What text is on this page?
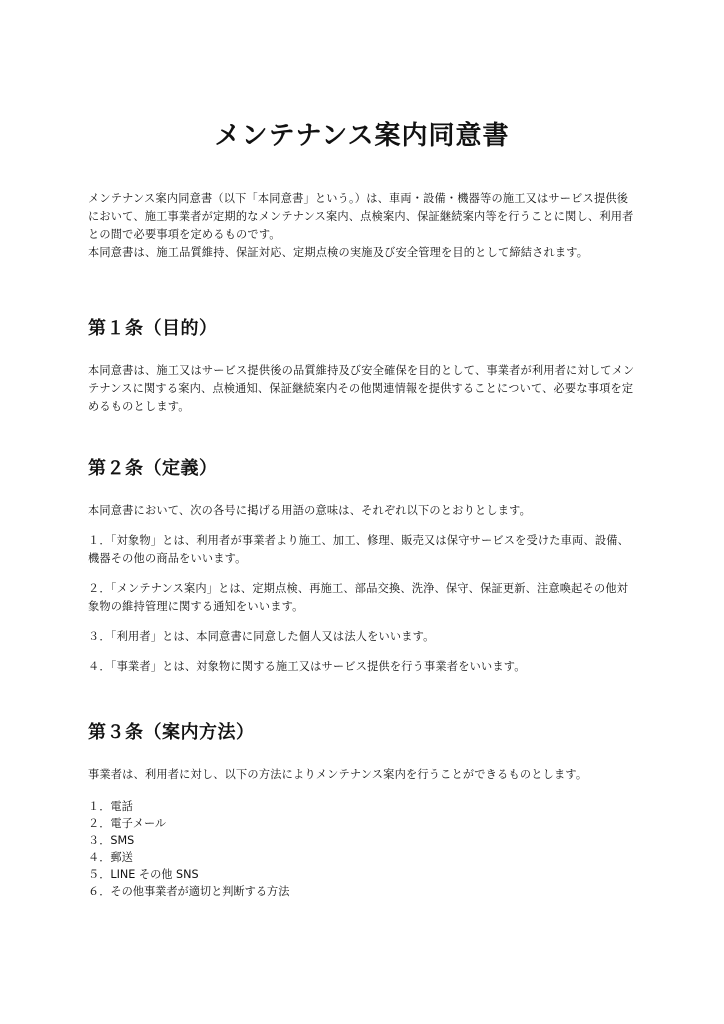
メンテナンス案内同意書

メンテナンス案内同意書（以下「本同意書」という。）は、車両・設備・機器等の施工又はサービス提供後において、施工事業者が定期的なメンテナンス案内、点検案内、保証継続案内等を行うことに関し、利用者との間で必要事項を定めるものです。

本同意書は、施工品質維持、保証対応、定期点検の実施及び安全管理を目的として締結されます。

第１条（目的）

本同意書は、施工又はサービス提供後の品質維持及び安全確保を目的として、事業者が利用者に対してメンテナンスに関する案内、点検通知、保証継続案内その他関連情報を提供することについて、必要な事項を定めるものとします。

第２条（定義）

本同意書において、次の各号に掲げる用語の意味は、それぞれ以下のとおりとします。

１．「対象物」とは、利用者が事業者より施工、加工、修理、販売又は保守サービスを受けた車両、設備、機器その他の商品をいいます。

２．「メンテナンス案内」とは、定期点検、再施工、部品交換、洗浄、保守、保証更新、注意喚起その他対象物の維持管理に関する通知をいいます。

３．「利用者」とは、本同意書に同意した個人又は法人をいいます。

４．「事業者」とは、対象物に関する施工又はサービス提供を行う事業者をいいます。

第３条（案内方法）

事業者は、利用者に対し、以下の方法によりメンテナンス案内を行うことができるものとします。

１．電話
２．電子メール
３．SMS
４．郵送
５．LINE その他 SNS
６．その他事業者が適切と判断する方法
